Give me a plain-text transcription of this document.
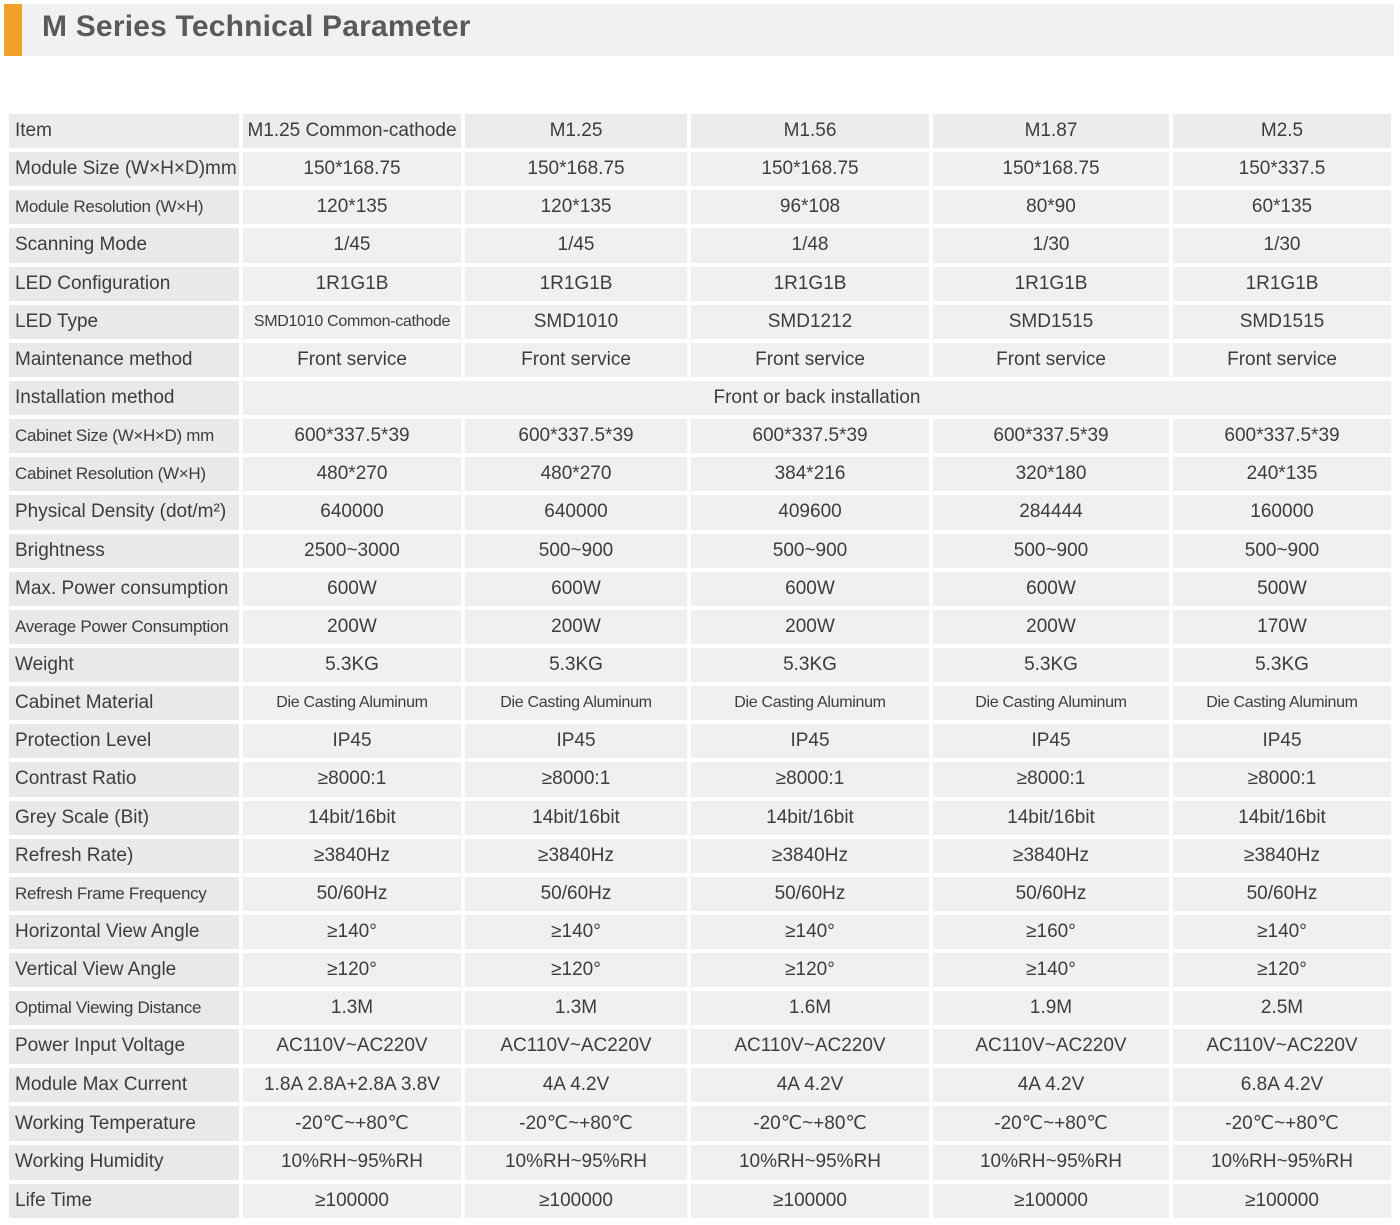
M Series Technical Parameter
Item	M1.25 Common-cathode	M1.25	M1.56	M1.87	M2.5
Module Size (W×H×D)mm	150*168.75	150*168.75	150*168.75	150*168.75	150*337.5
Module Resolution (W×H)	120*135	120*135	96*108	80*90	60*135
Scanning Mode	1/45	1/45	1/48	1/30	1/30
LED Configuration	1R1G1B	1R1G1B	1R1G1B	1R1G1B	1R1G1B
LED Type	SMD1010 Common-cathode	SMD1010	SMD1212	SMD1515	SMD1515
Maintenance method	Front service	Front service	Front service	Front service	Front service
Installation method	Front or back installation				
Cabinet Size (W×H×D) mm	600*337.5*39	600*337.5*39	600*337.5*39	600*337.5*39	600*337.5*39
Cabinet Resolution (W×H)	480*270	480*270	384*216	320*180	240*135
Physical Density (dot/m²)	640000	640000	409600	284444	160000
Brightness	2500~3000	500~900	500~900	500~900	500~900
Max. Power consumption	600W	600W	600W	600W	500W
Average Power Consumption	200W	200W	200W	200W	170W
Weight	5.3KG	5.3KG	5.3KG	5.3KG	5.3KG
Cabinet Material	Die Casting Aluminum	Die Casting Aluminum	Die Casting Aluminum	Die Casting Aluminum	Die Casting Aluminum
Protection Level	IP45	IP45	IP45	IP45	IP45
Contrast Ratio	≥8000:1	≥8000:1	≥8000:1	≥8000:1	≥8000:1
Grey Scale (Bit)	14bit/16bit	14bit/16bit	14bit/16bit	14bit/16bit	14bit/16bit
Refresh Rate)	≥3840Hz	≥3840Hz	≥3840Hz	≥3840Hz	≥3840Hz
Refresh Frame Frequency	50/60Hz	50/60Hz	50/60Hz	50/60Hz	50/60Hz
Horizontal View Angle	≥140°	≥140°	≥140°	≥160°	≥140°
Vertical View Angle	≥120°	≥120°	≥120°	≥140°	≥120°
Optimal Viewing Distance	1.3M	1.3M	1.6M	1.9M	2.5M
Power Input Voltage	AC110V~AC220V	AC110V~AC220V	AC110V~AC220V	AC110V~AC220V	AC110V~AC220V
Module Max Current	1.8A 2.8A+2.8A 3.8V	4A 4.2V	4A 4.2V	4A 4.2V	6.8A 4.2V
Working Temperature	-20℃~+80℃	-20℃~+80℃	-20℃~+80℃	-20℃~+80℃	-20℃~+80℃
Working Humidity	10%RH~95%RH	10%RH~95%RH	10%RH~95%RH	10%RH~95%RH	10%RH~95%RH
Life Time	≥100000	≥100000	≥100000	≥100000	≥100000
